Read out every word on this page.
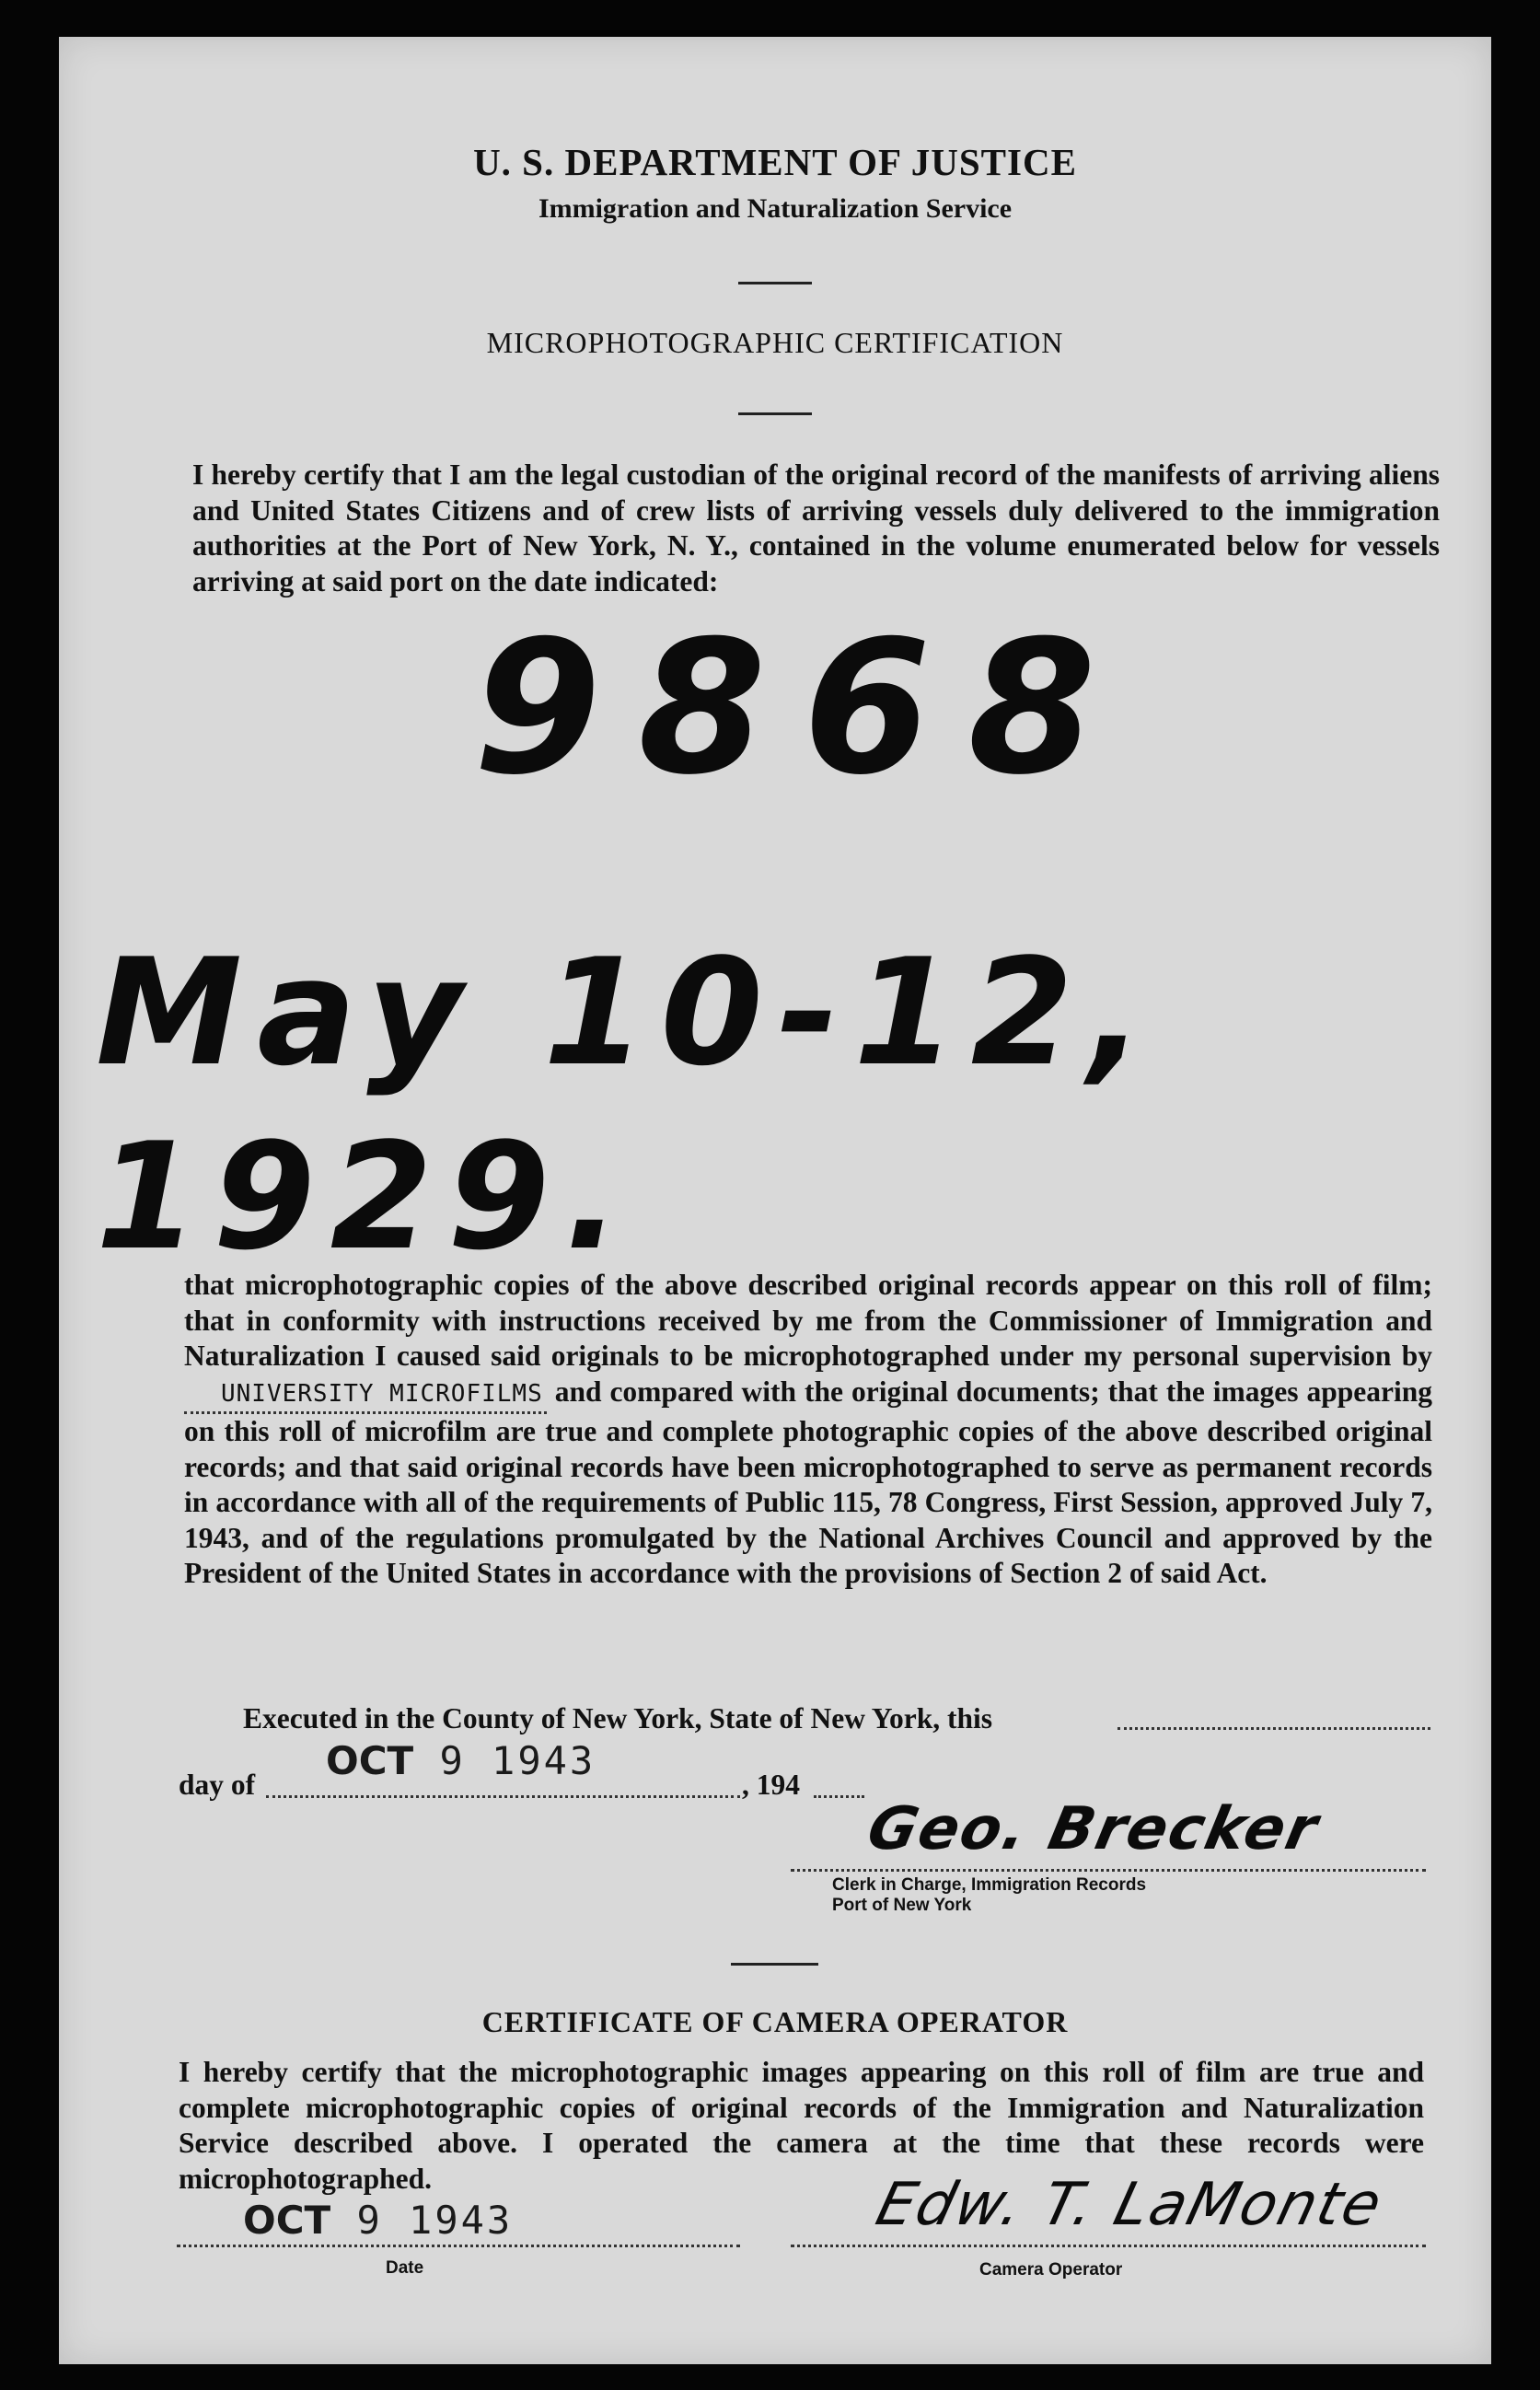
U. S. DEPARTMENT OF JUSTICE
Immigration and Naturalization Service
MICROPHOTOGRAPHIC CERTIFICATION
I hereby certify that I am the legal custodian of the original record of the manifests of arriving aliens and United States Citizens and of crew lists of arriving vessels duly delivered to the immigration authorities at the Port of New York, N. Y., contained in the volume enumerated below for vessels arriving at said port on the date indicated:
9868
May 10-12, 1929.
that microphotographic copies of the above described original records appear on this roll of film; that in conformity with instructions received by me from the Commissioner of Immigration and Naturalization I caused said originals to be microphotographed under my personal supervision by UNIVERSITY MICROFILMS and compared with the original documents; that the images appearing on this roll of microfilm are true and complete photographic copies of the above described original records; and that said original records have been microphotographed to serve as permanent records in accordance with all of the requirements of Public 115, 78 Congress, First Session, approved July 7, 1943, and of the regulations promulgated by the National Archives Council and approved by the President of the United States in accordance with the provisions of Section 2 of said Act.
Executed in the County of New York, State of New York, this
OCT 9 1943
day of	, 194
Geo. Brecker
Clerk in Charge, Immigration Records
Port of New York
CERTIFICATE OF CAMERA OPERATOR
I hereby certify that the microphotographic images appearing on this roll of film are true and complete microphotographic copies of original records of the Immigration and Naturalization Service described above. I operated the camera at the time that these records were microphotographed.
OCT 9 1943
Date
Edw. T. LaMonte
Camera Operator
